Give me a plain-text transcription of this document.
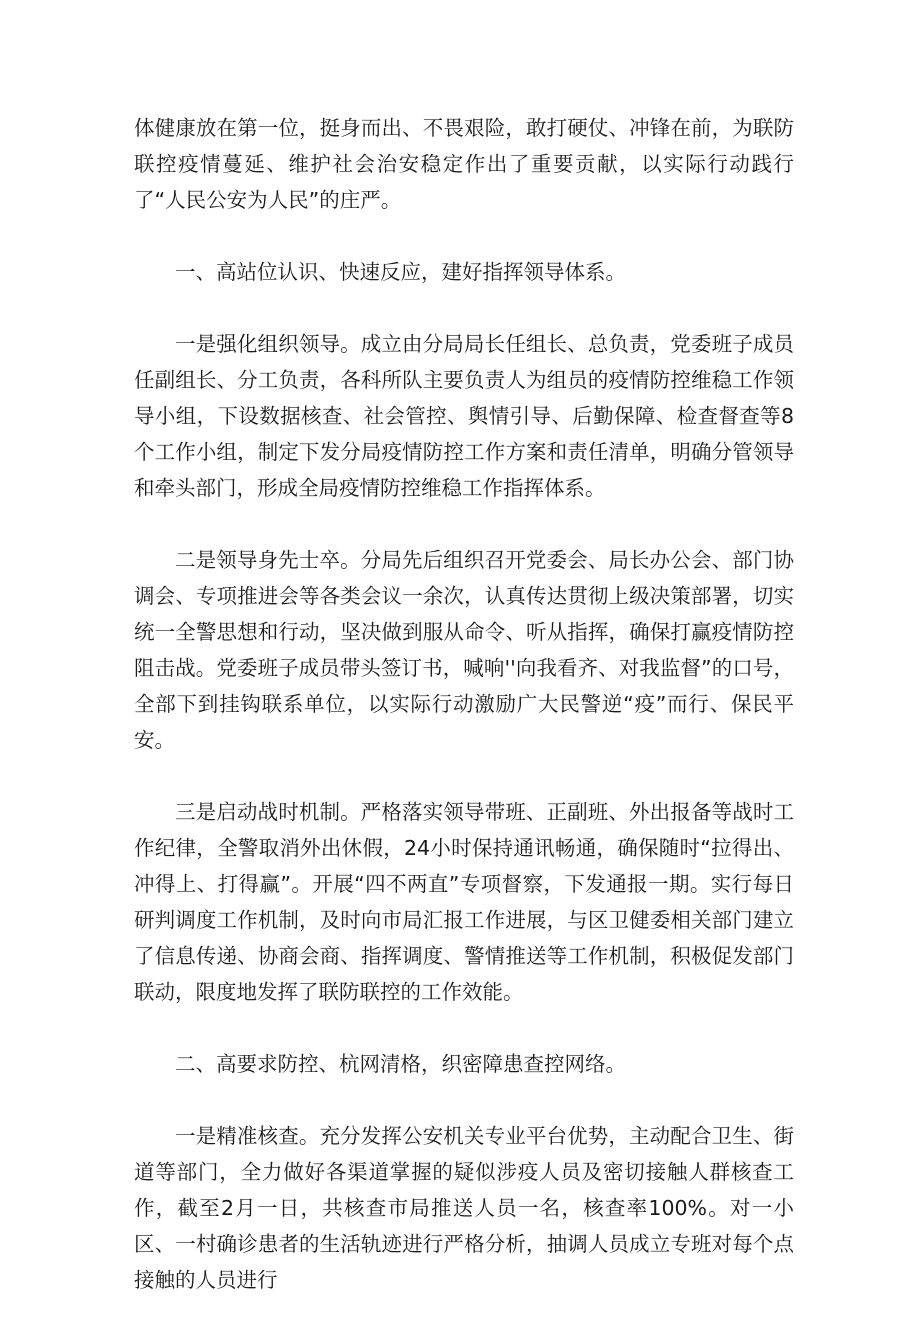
体健康放在第一位，挺身而出、不畏艰险，敢打硬仗、冲锋在前，为联防联控疫情蔓延、维护社会治安稳定作出了重要贡献，以实际行动践行了“人民公安为人民”的庄严。

一、高站位认识、快速反应，建好指挥领导体系。

一是强化组织领导。成立由分局局长任组长、总负责，党委班子成员任副组长、分工负责，各科所队主要负责人为组员的疫情防控维稳工作领导小组，下设数据核查、社会管控、舆情引导、后勤保障、检查督查等8个工作小组，制定下发分局疫情防控工作方案和责任清单，明确分管领导和牵头部门，形成全局疫情防控维稳工作指挥体系。

二是领导身先士卒。分局先后组织召开党委会、局长办公会、部门协调会、专项推进会等各类会议一余次，认真传达贯彻上级决策部署，切实统一全警思想和行动，坚决做到服从命令、听从指挥，确保打赢疫情防控阻击战。党委班子成员带头签订书，喊响''向我看齐、对我监督”的口号，全部下到挂钩联系单位，以实际行动激励广大民警逆“疫”而行、保民平安。

三是启动战时机制。严格落实领导带班、正副班、外出报备等战时工作纪律，全警取消外出休假，24小时保持通讯畅通，确保随时“拉得出、冲得上、打得赢”。开展“四不两直”专项督察，下发通报一期。实行每日研判调度工作机制，及时向市局汇报工作进展，与区卫健委相关部门建立了信息传递、协商会商、指挥调度、警情推送等工作机制，积极促发部门联动，限度地发挥了联防联控的工作效能。

二、高要求防控、杭网清格，织密障患查控网络。

一是精准核查。充分发挥公安机关专业平台优势，主动配合卫生、街道等部门，全力做好各渠道掌握的疑似涉疫人员及密切接触人群核查工作，截至2月一日，共核查市局推送人员一名，核查率100%。对一小区、一村确诊患者的生活轨迹进行严格分析，抽调人员成立专班对每个点接触的人员进行
